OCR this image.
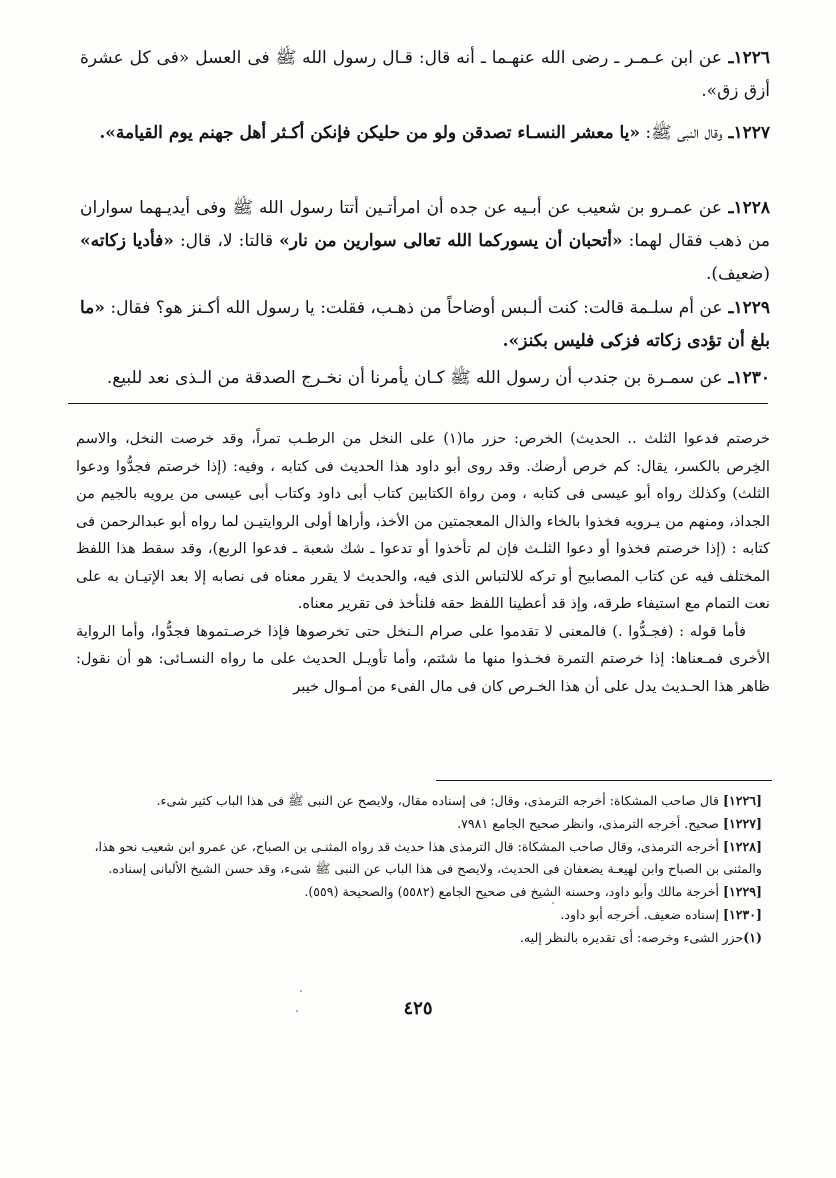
١٢٢٦ـ عن ابن عـمـر ـ رضى الله عنهـما ـ أنه قال: قـال رسول الله ﷺ فى العسل «فى كل عشرة أزق زق».
١٢٢٧ـ وقال النبى ﷺ: «يا معشر النسـاء تصدقن ولو من حليكن فإنكن أكـثر أهل جهنم يوم القيامة».
١٢٢٨ـ عن عمـرو بن شعيب عن أبـيه عن جده أن امرأتـين أتتا رسول الله ﷺ وفى أيديـهما سواران من ذهب فقال لهما: «أتحبان أن يسوركما الله تعالى سوارين من نار» قالتا: لا، قال: «فأديا زكاته» (ضعيف).
١٢٢٩ـ عن أم سلـمة قالت: كنت ألـبس أوضاحاً من ذهـب، فقلت: يا رسول الله أكـنز هو؟ فقال: «ما بلغ أن تؤدى زكاته فزكى فليس بكنز».
١٢٣٠ـ عن سمـرة بن جندب أن رسول الله ﷺ كـان يأمرنا أن نخـرج الصدقة من الـذى نعد للبيع.

خرصتم فدعوا الثلث .. الحديث) الخرص: حزر ما(١) على النخل من الرطـب تمراً، وقد خرصت النخل، والاسم الخِرص بالكسر، يقال: كم خرص أرضك. وقد روى أبو داود هذا الحديث فى كتابه ، وفيه: (إذا خرصتم فجدُّوا ودعوا الثلث) وكذلك رواه أبو عيسى فى كتابه ، ومن رواة الكتابين كتاب أبى داود وكتاب أبى عيسى من يرويه بالجيم من الجداذ، ومنهم من يـرويه فخذوا بالخاء والذال المعجمتين من الأخذ، وأراها أولى الروايتيـن لما رواه أبو عبدالرحمن فى كتابه : (إذا خرصتم فخذوا أو دعوا الثلـث فإن لم تأخذوا أو تدعوا ـ شك شعبة ـ فدعوا الربع)، وقد سقط هذا اللفظ المختلف فيه عن كتاب المصابيح أو تركه للالتباس الذى فيه، والحديث لا يقرر معناه فى نصابه إلا بعد الإتيـان به على نعت التمام مع استيفاء طرقه، وإذ قد أعطينا اللفظ حقه فلنأخذ فى تقرير معناه.

فأما قوله : (فجـدُّوا .) فالمعنى لا تقدموا على صرام الـنخل حتى تخرصوها فإذا خرصـتموها فجدُّوا، وأما الرواية الأخرى فمـعناها: إذا خرصتم التمرة فخـذوا منها ما شئتم، وأما تأويـل الحديث على ما رواه النسـائى: هو أن نقول: ظاهر هذا الحـديث يدل على أن هذا الخـرص كان فى مال الفىء من أمـوال خيبر

[١٢٢٦] قال صاحب المشكاة: أخرجه الترمذى، وقال: فى إسناده مقال، ولايصح عن النبى ﷺ فى هذا الباب كثير شىء.

[١٢٢٧] صحيح. أخرجه الترمذى، وانظر صحيح الجامع ٧٩٨١.

[١٢٢٨] أخرجه الترمذى، وقال صاحب المشكاة: قال الترمذى هذا حديث قد رواه المثنـى بن الصباح، عن عمرو ابن شعيب نحو هذا، والمثنى بن الصباح وابن لهيعـة يضعفان فى الحديث، ولايصح فى هذا الباب عن النبى ﷺ شىء، وقد حسن الشيخ الألبانى إسناده.

[١٢٢٩] أخرجة مالك وأبو داود، وحسنه الشيخ فى صحيح الجامع (٥٥٨٢) والصحيحة (٥٥٩).

[١٢٣٠] إسناده ضعيف. أخرجه أبو داود.

(١)حزر الشىء وخرصه: أى تقديره بالنظر إليه.

٤٢٥
